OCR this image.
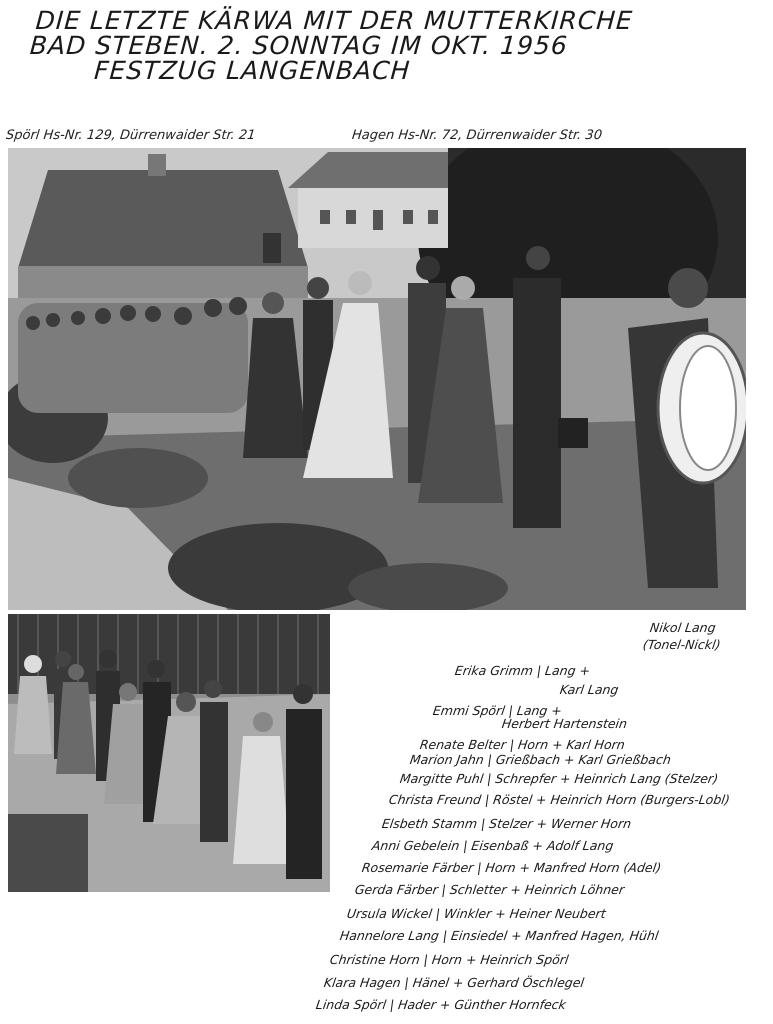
DIE LETZTE KÄRWA MIT DER MUTTERKIRCHE
BAD STEBEN. 2. SONNTAG IM OKT. 1956
FESTZUG LANGENBACH
Spörl Hs-Nr. 129, Dürrenwaider Str. 21	Hagen Hs-Nr. 72, Dürrenwaider Str. 30
Nikol Lang
(Tonel-Nickl)
Erika Grimm | Lang +
Karl Lang
Emmi Spörl | Lang +
Herbert Hartenstein
Renate Belter | Horn + Karl Horn
Marion Jahn | Grießbach + Karl Grießbach
Margitte Puhl | Schrepfer + Heinrich Lang (Stelzer)
Christa Freund | Röstel + Heinrich Horn (Burgers-Lobl)
Elsbeth Stamm | Stelzer + Werner Horn
Anni Gebelein | Eisenbaß + Adolf Lang
Rosemarie Färber | Horn + Manfred Horn (Adel)
Gerda Färber | Schletter + Heinrich Löhner
Ursula Wickel | Winkler + Heiner Neubert
Hannelore Lang | Einsiedel + Manfred Hagen, Hühl
Christine Horn | Horn + Heinrich Spörl
Klara Hagen | Hänel + Gerhard Öschlegel
Linda Spörl | Hader + Günther Hornfeck
